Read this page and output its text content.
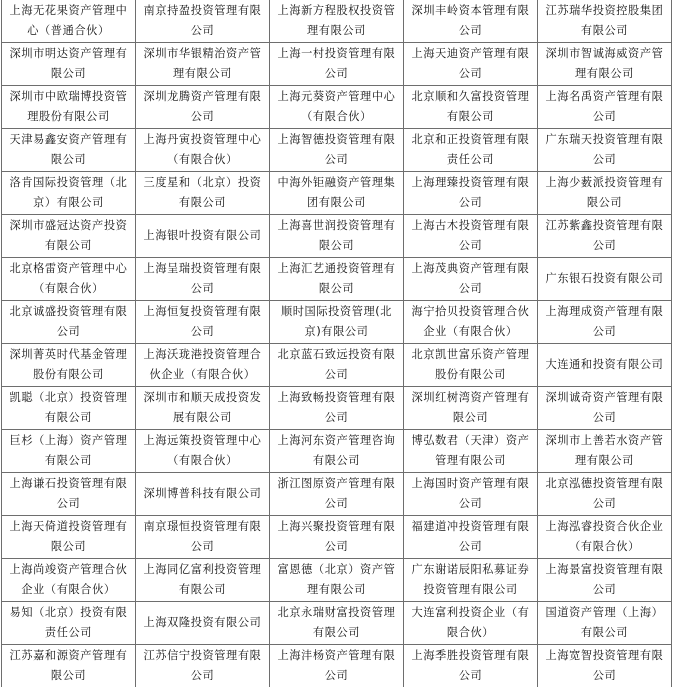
上海无花果资产管理中心（普通合伙）	南京持盈投资管理有限公司	上海新方程股权投资管理有限公司	深圳丰岭资本管理有限公司	江苏瑞华投资控股集团有限公司
深圳市明达资产管理有限公司	深圳市华银精治资产管理有限公司	上海一村投资管理有限公司	上海天迪资产管理有限公司	深圳市智诚海威资产管理有限公司
深圳市中欧瑞博投资管理股份有限公司	深圳龙腾资产管理有限公司	上海元葵资产管理中心（有限合伙）	北京顺和久富投资管理有限公司	上海名禹资产管理有限公司
天津易鑫安资产管理有限公司	上海丹寅投资管理中心（有限合伙）	上海智德投资管理有限公司	北京和正投资管理有限责任公司	广东瑞天投资管理有限公司
洛肯国际投资管理（北京）有限公司	三度星和（北京）投资有限公司	中海外钜融资产管理集团有限公司	上海理臻投资管理有限公司	上海少薮派投资管理有限公司
深圳市盛冠达资产投资有限公司	上海银叶投资有限公司	上海喜世润投资管理有限公司	上海古木投资管理有限公司	江苏紫鑫投资管理有限公司
北京格雷资产管理中心（有限合伙）	上海呈瑞投资管理有限公司	上海汇艺通投资管理有限公司	上海茂典资产管理有限公司	广东银石投资有限公司
北京诚盛投资管理有限公司	上海恒复投资管理有限公司	顺时国际投资管理(北京)有限公司	海宁拾贝投资管理合伙企业（有限合伙）	上海理成资产管理有限公司
深圳菁英时代基金管理股份有限公司	上海沃珑港投资管理合伙企业（有限合伙）	北京蓝石致远投资有限公司	北京凯世富乐资产管理股份有限公司	大连通和投资有限公司
凯聪（北京）投资管理有限公司	深圳市和顺天成投资发展有限公司	上海致畅投资管理有限公司	深圳红树湾资产管理有限公司	深圳诚奇资产管理有限公司
巨杉（上海）资产管理有限公司	上海远策投资管理中心（有限合伙）	上海河东资产管理咨询有限公司	博弘数君（天津）资产管理有限公司	深圳市上善若水资产管理有限公司
上海谦石投资管理有限公司	深圳博普科技有限公司	浙江图原资产管理有限公司	上海国时资产管理有限公司	北京泓德投资管理有限公司
上海天倚道投资管理有限公司	南京璟恒投资管理有限公司	上海兴聚投资管理有限公司	福建道冲投资管理有限公司	上海泓睿投资合伙企业（有限合伙）
上海尚竣资产管理合伙企业（有限合伙）	上海同亿富利投资管理有限公司	富恩德（北京）资产管理有限公司	广东谢诺辰阳私募证券投资管理有限公司	上海景富投资管理有限公司
易知（北京）投资有限责任公司	上海双隆投资有限公司	北京永瑞财富投资管理有限公司	大连富利投资企业（有限合伙）	国道资产管理（上海）有限公司
江苏嘉和源资产管理有限公司	江苏信宁投资管理有限公司	上海沣杨资产管理有限公司	上海季胜投资管理有限公司	上海宽智投资管理有限公司
